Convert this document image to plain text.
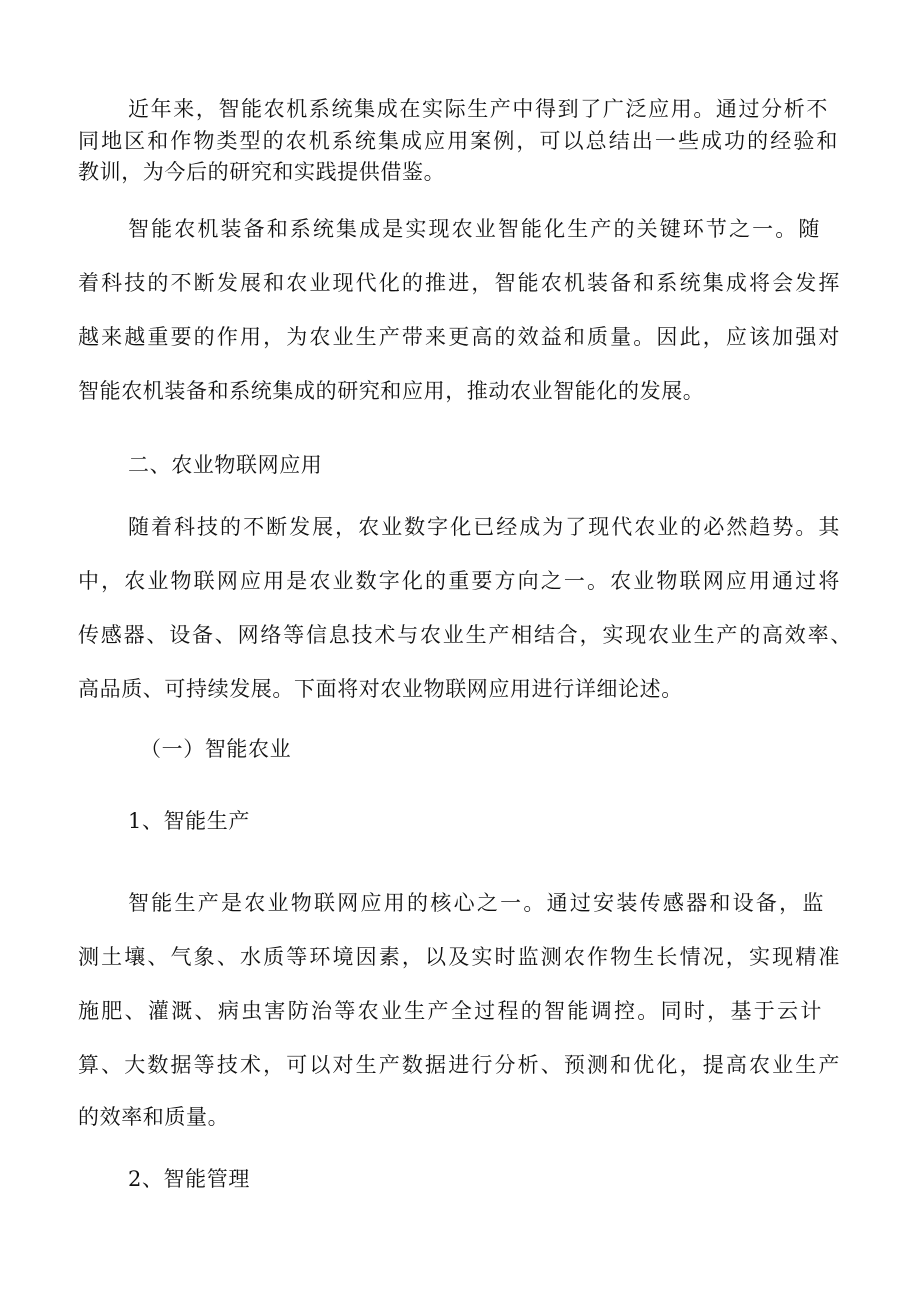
近年来，智能农机系统集成在实际生产中得到了广泛应用。通过分析不
同地区和作物类型的农机系统集成应用案例，可以总结出一些成功的经验和
教训，为今后的研究和实践提供借鉴。
智能农机装备和系统集成是实现农业智能化生产的关键环节之一。随
着科技的不断发展和农业现代化的推进，智能农机装备和系统集成将会发挥
越来越重要的作用，为农业生产带来更高的效益和质量。因此，应该加强对
智能农机装备和系统集成的研究和应用，推动农业智能化的发展。
二、农业物联网应用
随着科技的不断发展，农业数字化已经成为了现代农业的必然趋势。其
中，农业物联网应用是农业数字化的重要方向之一。农业物联网应用通过将
传感器、设备、网络等信息技术与农业生产相结合，实现农业生产的高效率、
高品质、可持续发展。下面将对农业物联网应用进行详细论述。
（一）智能农业
1、智能生产
智能生产是农业物联网应用的核心之一。通过安装传感器和设备，监
测土壤、气象、水质等环境因素，以及实时监测农作物生长情况，实现精准
施肥、灌溉、病虫害防治等农业生产全过程的智能调控。同时，基于云计
算、大数据等技术，可以对生产数据进行分析、预测和优化，提高农业生产
的效率和质量。
2、智能管理
